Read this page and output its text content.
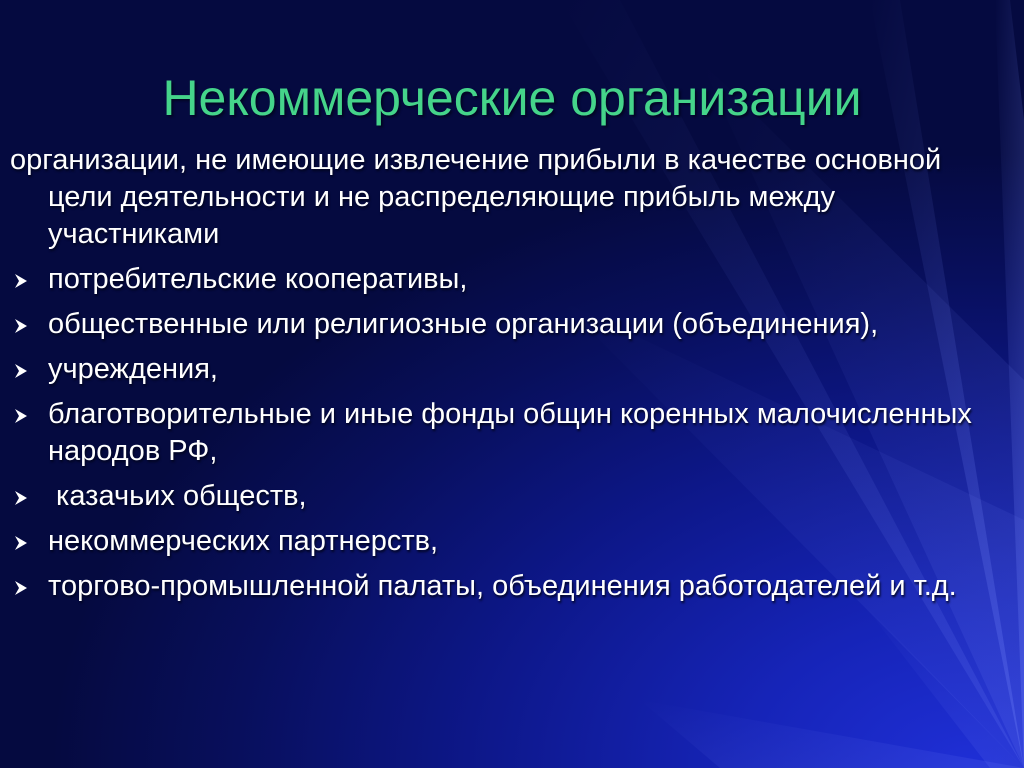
Некоммерческие организации
организации, не имеющие извлечение прибыли в качестве основной цели деятельности и не распределяющие прибыль между участниками
потребительские кооперативы,
общественные или религиозные организации (объединения),
учреждения,
благотворительные и иные фонды общин коренных малочисленных народов РФ,
казачьих обществ,
некоммерческих партнерств,
торгово-промышленной палаты, объединения работодателей и т.д.
